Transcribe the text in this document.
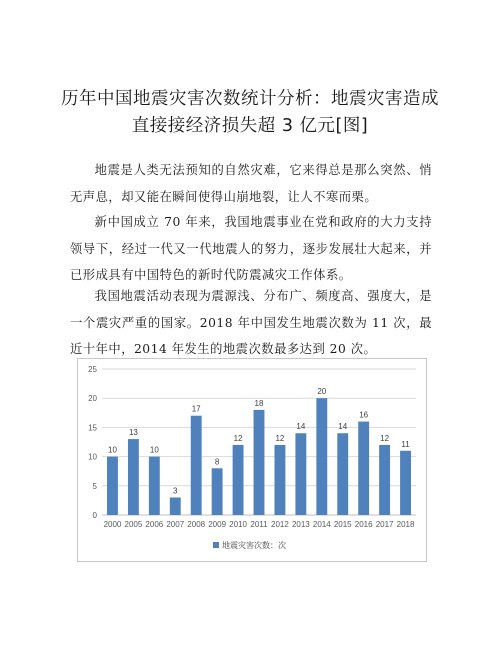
历年中国地震灾害次数统计分析：地震灾害造成直接接经济损失超 3 亿元[图]

地震是人类无法预知的自然灾难，它来得总是那么突然、悄无声息，却又能在瞬间使得山崩地裂，让人不寒而栗。

新中国成立 70 年来，我国地震事业在党和政府的大力支持领导下，经过一代又一代地震人的努力，逐步发展壮大起来，并已形成具有中国特色的新时代防震减灾工作体系。

我国地震活动表现为震源浅、分布广、频度高、强度大，是一个震灾严重的国家。2018 年中国发生地震次数为 11 次，最近十年中，2014 年发生的地震次数最多达到 20 次。

0
5
10
15
20
25
10
13
10
3
17
8
12
18
12
14
20
14
16
12
11
2000 2005 2006 2007 2008 2009 2010 2011 2012 2013 2014 2015 2016 2017 2018
地震灾害次数：次
